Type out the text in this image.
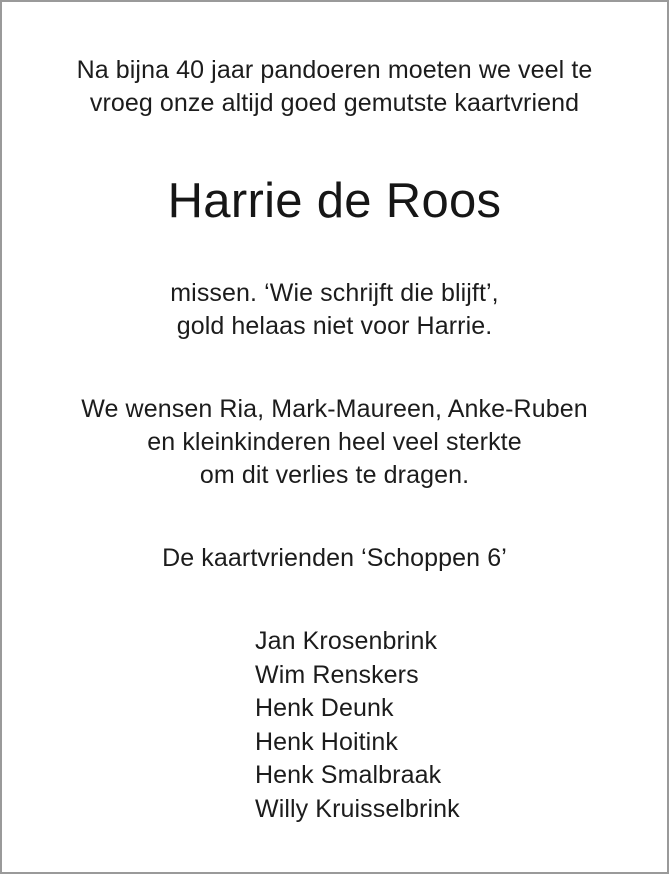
Na bijna 40 jaar pandoeren moeten we veel te

vroeg onze altijd goed gemutste kaartvriend

Harrie de Roos

missen. ‘Wie schrijft die blijft’,

gold helaas niet voor Harrie.

We wensen Ria, Mark-Maureen, Anke-Ruben

en kleinkinderen heel veel sterkte

om dit verlies te dragen.

De kaartvrienden ‘Schoppen 6’

Jan Krosenbrink
Wim Renskers
Henk Deunk
Henk Hoitink
Henk Smalbraak
Willy Kruisselbrink
